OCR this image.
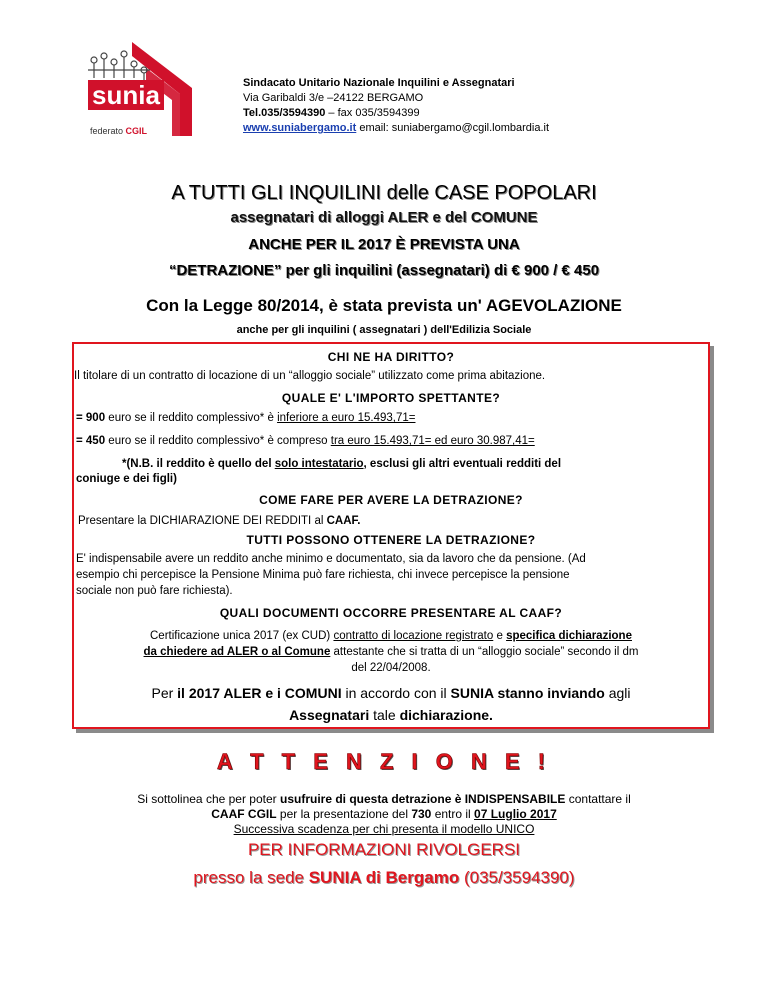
sunia
federato CGIL
Sindacato Unitario Nazionale Inquilini e Assegnatari
Via Garibaldi 3/e –24122 BERGAMO
Tel.035/3594390 – fax 035/3594399
www.suniabergamo.it email: suniabergamo@cgil.lombardia.it
A TUTTI GLI INQUILINI delle CASE POPOLARI
assegnatari di alloggi ALER e del COMUNE
ANCHE PER IL 2017 È PREVISTA UNA
“DETRAZIONE” per gli inquilini (assegnatari) di € 900 / € 450
Con la Legge 80/2014, è stata prevista un' AGEVOLAZIONE
anche per gli inquilini ( assegnatari ) dell'Edilizia Sociale
CHI NE HA DIRITTO?
Il titolare di un contratto di locazione di un “alloggio sociale” utilizzato come prima abitazione.
QUALE E' L'IMPORTO SPETTANTE?
= 900 euro se il reddito complessivo* è inferiore a euro 15.493,71=
= 450 euro se il reddito complessivo* è compreso tra euro 15.493,71= ed euro 30.987,41=
*(N.B. il reddito è quello del solo intestatario, esclusi gli altri eventuali redditi del
coniuge e dei figli)
COME FARE PER AVERE LA DETRAZIONE?
Presentare la DICHIARAZIONE DEI REDDITI al CAAF.
TUTTI POSSONO OTTENERE LA DETRAZIONE?
E' indispensabile avere un reddito anche minimo e documentato, sia da lavoro che da pensione. (Ad
esempio chi percepisce la Pensione Minima può fare richiesta, chi invece percepisce la pensione
sociale non può fare richiesta).
QUALI DOCUMENTI OCCORRE PRESENTARE AL CAAF?
Certificazione unica 2017 (ex CUD) contratto di locazione registrato e specifica dichiarazione
da chiedere ad ALER o al Comune attestante che si tratta di un “alloggio sociale” secondo il dm
del 22/04/2008.
Per il 2017 ALER e i COMUNI in accordo con il SUNIA stanno inviando agli
Assegnatari tale dichiarazione.
A T T E N Z I O N E !
Si sottolinea che per poter usufruire di questa detrazione è INDISPENSABILE contattare il
CAAF CGIL per la presentazione del 730 entro il 07 Luglio 2017
Successiva scadenza per chi presenta il modello UNICO
PER INFORMAZIONI RIVOLGERSI
presso la sede SUNIA di Bergamo (035/3594390)
